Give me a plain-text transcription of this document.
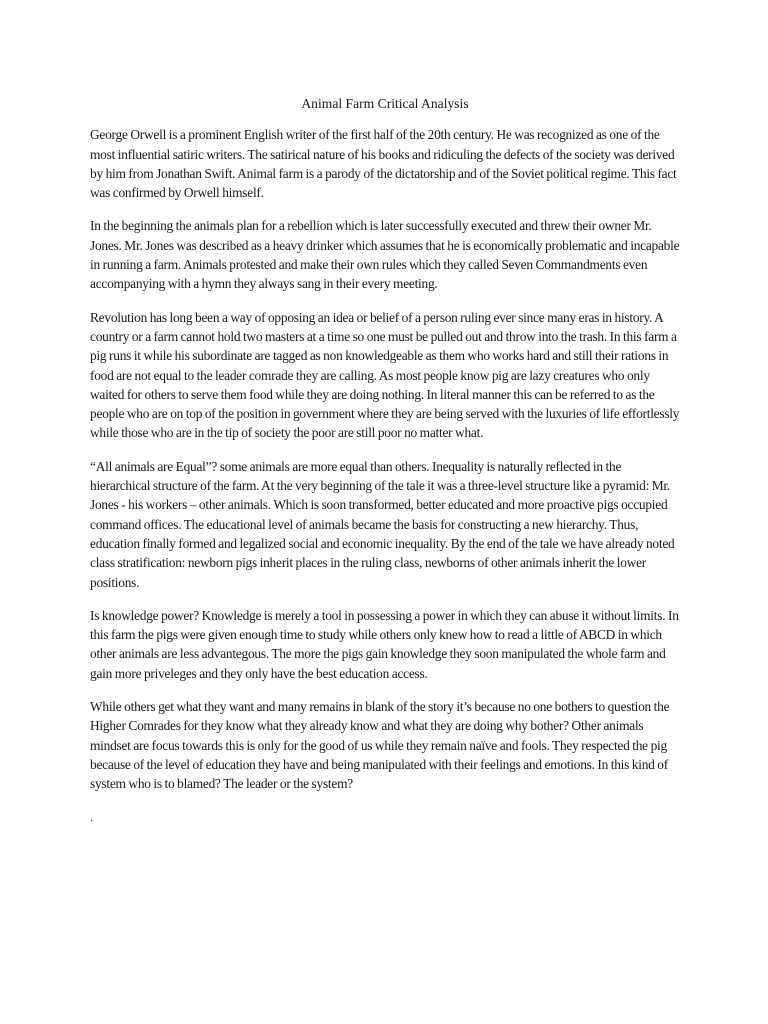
Animal Farm Critical Analysis

George Orwell is a prominent English writer of the first half of the 20th century. He was recognized as one of the most influential satiric writers. The satirical nature of his books and ridiculing the defects of the society was derived by him from Jonathan Swift. Animal farm is a parody of the dictatorship and of the Soviet political regime. This fact was confirmed by Orwell himself.

In the beginning the animals plan for a rebellion which is later successfully executed and threw their owner Mr. Jones. Mr. Jones was described as a heavy drinker which assumes that he is economically problematic and incapable in running a farm. Animals protested and make their own rules which they called Seven Commandments even accompanying with a hymn they always sang in their every meeting.

Revolution has long been a way of opposing an idea or belief of a person ruling ever since many eras in history. A country or a farm cannot hold two masters at a time so one must be pulled out and throw into the trash. In this farm a pig runs it while his subordinate are tagged as non knowledgeable as them who works hard and still their rations in food are not equal to the leader comrade they are calling. As most people know pig are lazy creatures who only waited for others to serve them food while they are doing nothing. In literal manner this can be referred to as the people who are on top of the position in government where they are being served with the luxuries of life effortlessly while those who are in the tip of society the poor are still poor no matter what.

“All animals are Equal”? some animals are more equal than others. Inequality is naturally reflected in the hierarchical structure of the farm. At the very beginning of the tale it was a three-level structure like a pyramid: Mr. Jones - his workers – other animals. Which is soon transformed, better educated and more proactive pigs occupied command offices. The educational level of animals became the basis for constructing a new hierarchy. Thus, education finally formed and legalized social and economic inequality. By the end of the tale we have already noted class stratification: newborn pigs inherit places in the ruling class, newborns of other animals inherit the lower positions.

Is knowledge power? Knowledge is merely a tool in possessing a power in which they can abuse it without limits. In this farm the pigs were given enough time to study while others only knew how to read a little of ABCD in which other animals are less advantegous. The more the pigs gain knowledge they soon manipulated the whole farm and gain more priveleges and they only have the best education access.

While others get what they want and many remains in blank of the story it’s because no one bothers to question the Higher Comrades for they know what they already know and what they are doing why bother? Other animals mindset are focus towards this is only for the good of us while they remain naïve and fools. They respected the pig because of the level of education they have and being manipulated with their feelings and emotions. In this kind of system who is to blamed? The leader or the system?

.
